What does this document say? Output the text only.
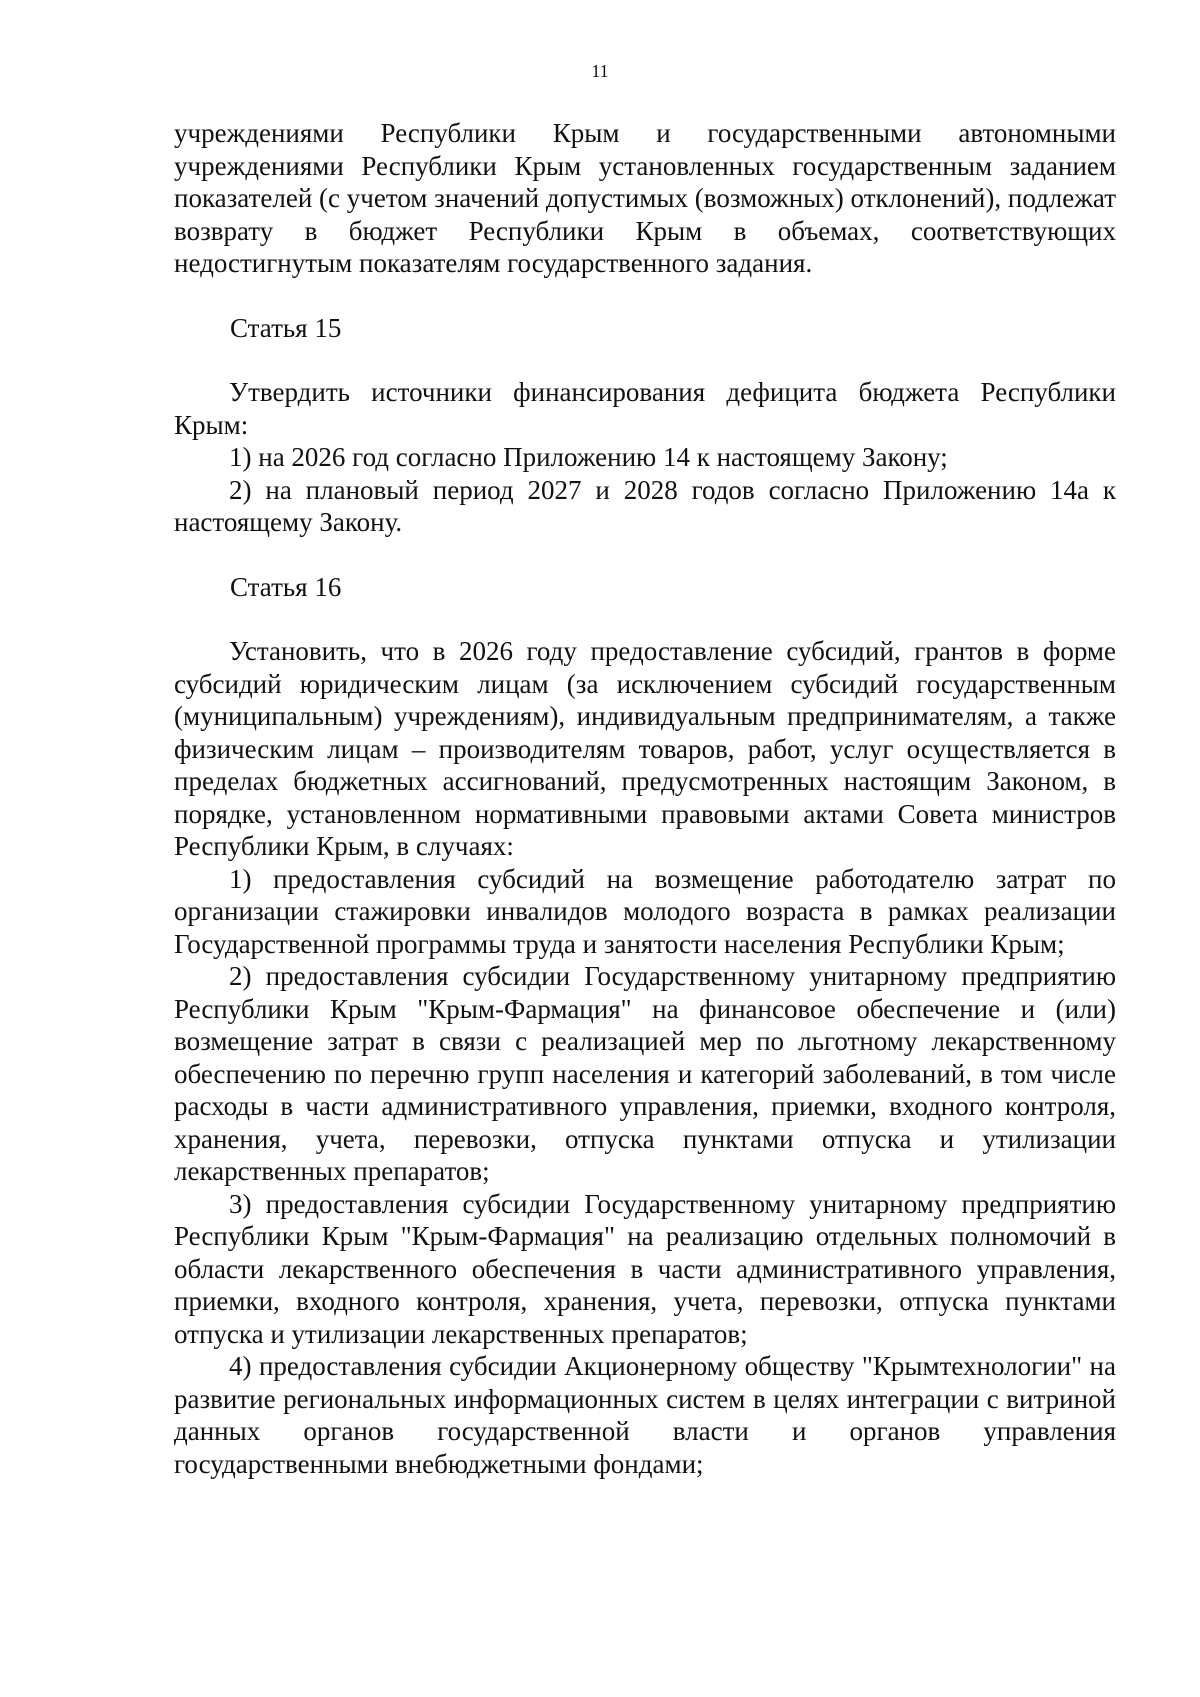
11

учреждениями Республики Крым и государственными автономными учреждениями Республики Крым установленных государственным заданием показателей (с учетом значений допустимых (возможных) отклонений), подлежат возврату в бюджет Республики Крым в объемах, соответствующих недостигнутым показателям государственного задания.

Статья 15

Утвердить источники финансирования дефицита бюджета Республики Крым:

1) на 2026 год согласно Приложению 14 к настоящему Закону;

2) на плановый период 2027 и 2028 годов согласно Приложению 14а к настоящему Закону.

Статья 16

Установить, что в 2026 году предоставление субсидий, грантов в форме субсидий юридическим лицам (за исключением субсидий государственным (муниципальным) учреждениям), индивидуальным предпринимателям, а также физическим лицам – производителям товаров, работ, услуг осуществляется в пределах бюджетных ассигнований, предусмотренных настоящим Законом, в порядке, установленном нормативными правовыми актами Совета министров Республики Крым, в случаях:

1) предоставления субсидий на возмещение работодателю затрат по организации стажировки инвалидов молодого возраста в рамках реализации Государственной программы труда и занятости населения Республики Крым;

2) предоставления субсидии Государственному унитарному предприятию Республики Крым "Крым-Фармация" на финансовое обеспечение и (или) возмещение затрат в связи с реализацией мер по льготному лекарственному обеспечению по перечню групп населения и категорий заболеваний, в том числе расходы в части административного управления, приемки, входного контроля, хранения, учета, перевозки, отпуска пунктами отпуска и утилизации лекарственных препаратов;

3) предоставления субсидии Государственному унитарному предприятию Республики Крым "Крым-Фармация" на реализацию отдельных полномочий в области лекарственного обеспечения в части административного управления, приемки, входного контроля, хранения, учета, перевозки, отпуска пунктами отпуска и утилизации лекарственных препаратов;

4) предоставления субсидии Акционерному обществу "Крымтехнологии" на развитие региональных информационных систем в целях интеграции с витриной данных органов государственной власти и органов управления государственными внебюджетными фондами;
